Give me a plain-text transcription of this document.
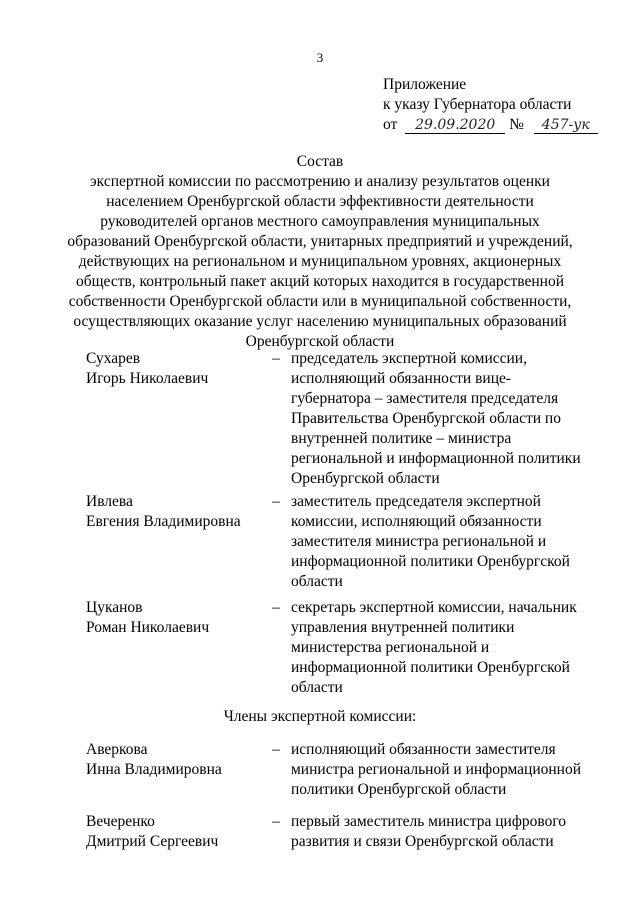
3
Приложение
к указу Губернатора области
от 29.09.2020 № 457-ук
Состав
экспертной комиссии по рассмотрению и анализу результатов оценки
населением Оренбургской области эффективности деятельности
руководителей органов местного самоуправления муниципальных
образований Оренбургской области, унитарных предприятий и учреждений,
действующих на региональном и муниципальном уровнях, акционерных
обществ, контрольный пакет акций которых находится в государственной
собственности Оренбургской области или в муниципальной собственности,
осуществляющих оказание услуг населению муниципальных образований
Оренбургской области
Сухарев
Игорь Николаевич
– председатель экспертной комиссии,
исполняющий обязанности вице-
губернатора – заместителя председателя
Правительства Оренбургской области по
внутренней политике – министра
региональной и информационной политики
Оренбургской области
Ивлева
Евгения Владимировна
– заместитель председателя экспертной
комиссии, исполняющий обязанности
заместителя министра региональной и
информационной политики Оренбургской
области
Цуканов
Роман Николаевич
– секретарь экспертной комиссии, начальник
управления внутренней политики
министерства региональной и
информационной политики Оренбургской
области
Члены экспертной комиссии:
Аверкова
Инна Владимировна
– исполняющий обязанности заместителя
министра региональной и информационной
политики Оренбургской области
Вечеренко
Дмитрий Сергеевич
– первый заместитель министра цифрового
развития и связи Оренбургской области
